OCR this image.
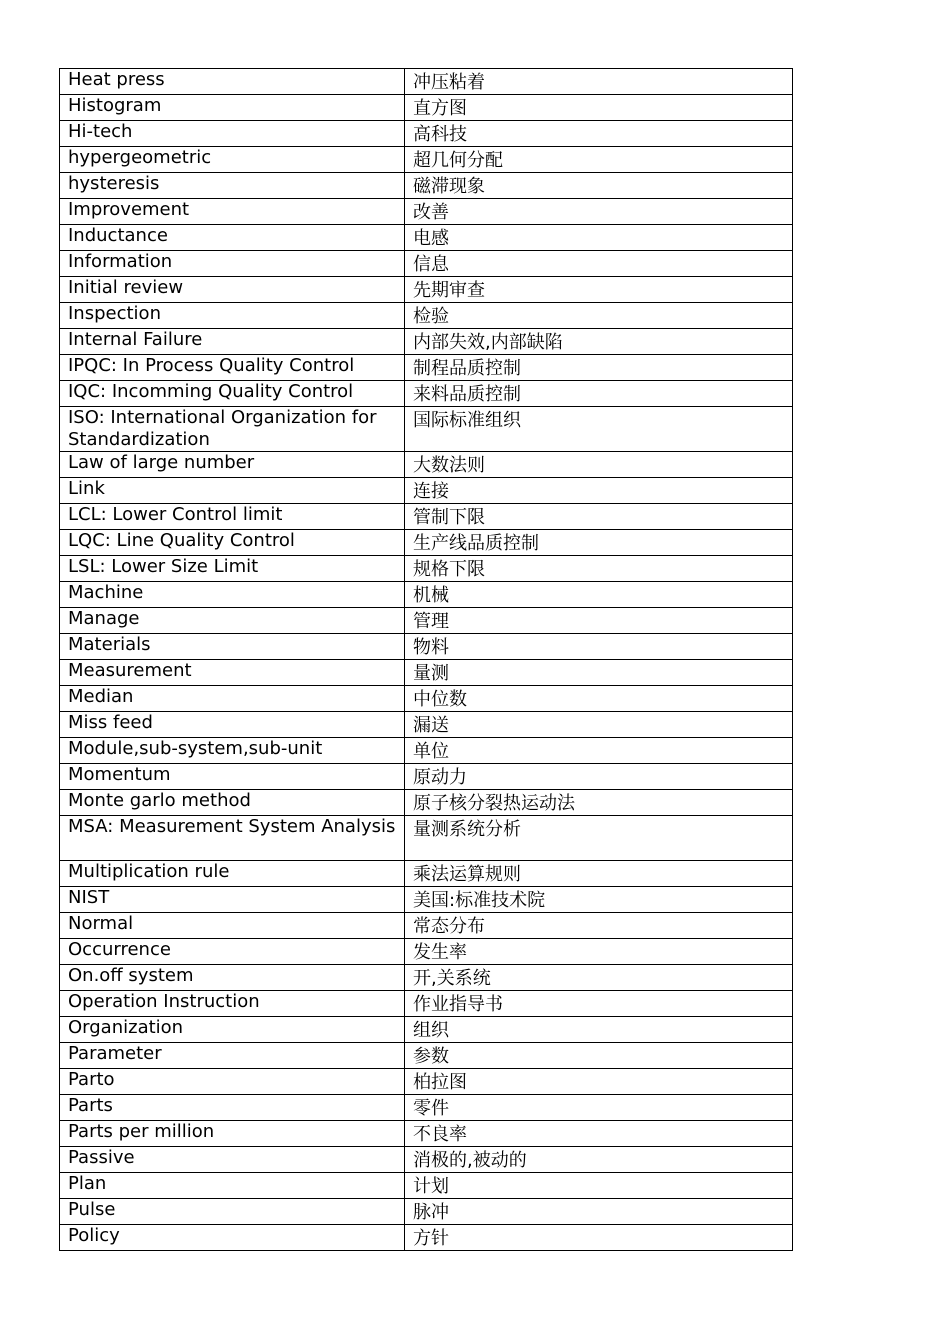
Heat press	冲压粘着
Histogram	直方图
Hi-tech	高科技
hypergeometric	超几何分配
hysteresis	磁滞现象
Improvement	改善
Inductance	电感
Information	信息
Initial review	先期审查
Inspection	检验
Internal Failure	内部失效,内部缺陷
IPQC: In Process Quality Control	制程品质控制
IQC: Incomming Quality Control	来料品质控制
ISO: International Organization for Standardization	国际标准组织
Law of large number	大数法则
Link	连接
LCL: Lower Control limit	管制下限
LQC: Line Quality Control	生产线品质控制
LSL: Lower Size Limit	规格下限
Machine	机械
Manage	管理
Materials	物料
Measurement	量测
Median	中位数
Miss feed	漏送
Module,sub-system,sub-unit	单位
Momentum	原动力
Monte garlo method	原子核分裂热运动法
MSA: Measurement System Analysis	量测系统分析
Multiplication rule	乘法运算规则
NIST	美国:标准技术院
Normal	常态分布
Occurrence	发生率
On.off system	开,关系统
Operation Instruction	作业指导书
Organization	组织
Parameter	参数
Parto	柏拉图
Parts	零件
Parts per million	不良率
Passive	消极的,被动的
Plan	计划
Pulse	脉冲
Policy	方针
